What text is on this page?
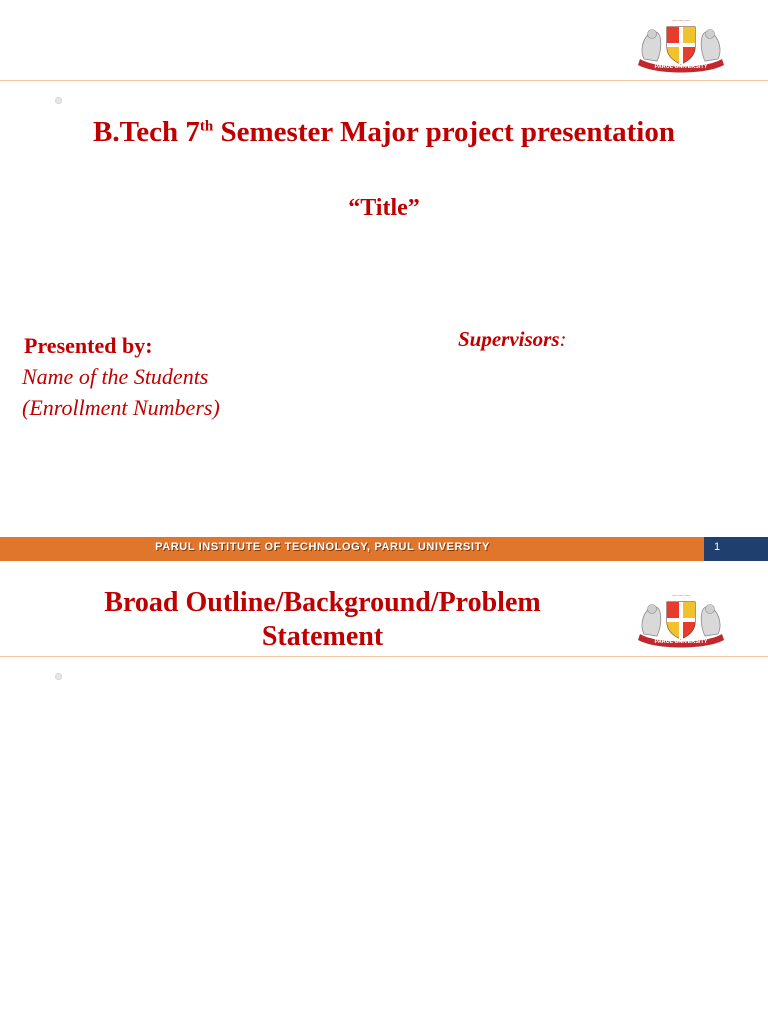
— — —
PARUL UNIVERSITY
B.Tech 7th Semester Major project presentation

“Title”

Presented by:

Name of the Students

(Enrollment Numbers)

Supervisors:

PARUL INSTITUTE OF TECHNOLOGY, PARUL UNIVERSITY	1
Broad Outline/Background/Problem
Statement
— — —
PARUL UNIVERSITY
